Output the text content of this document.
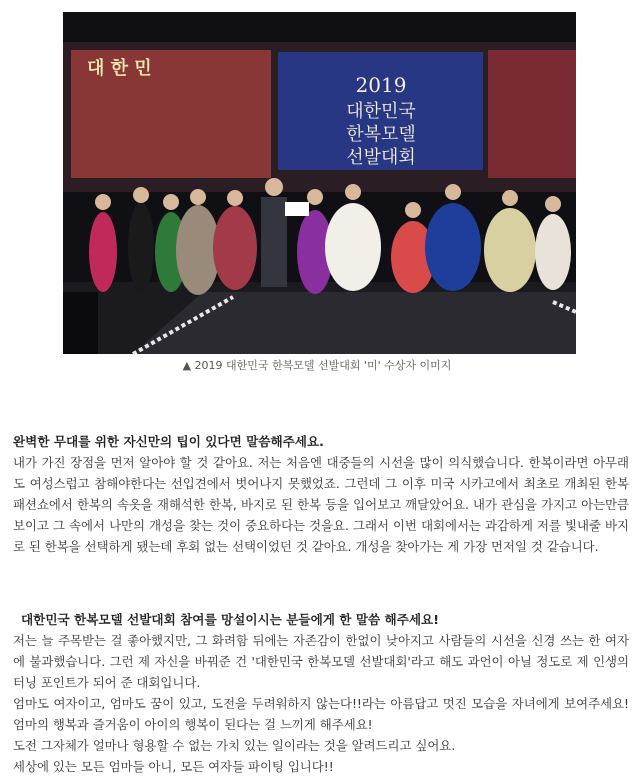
2019
대한민국
한복모델
선발대회
대 한 민
▲ 2019 대한민국 한복모델 선발대회 '미' 수상자 이미지

완벽한 무대를 위한 자신만의 팁이 있다면 말씀해주세요.

내가 가진 장점을 먼저 알아야 할 것 같아요. 저는 처음엔 대중들의 시선을 많이 의식했습니다. 한복이라면 아무래도 여성스럽고 참해야한다는 선입견에서 벗어나지 못했었죠. 그런데 그 이후 미국 시카고에서 최초로 개최된 한복패션쇼에서 한복의 속옷을 재해석한 한복, 바지로 된 한복 등을 입어보고 깨달았어요. 내가 관심을 가지고 아는만큼 보이고 그 속에서 나만의 개성을 찾는 것이 중요하다는 것을요. 그래서 이번 대회에서는 과감하게 저를 빛내줄 바지로 된 한복을 선택하게 됐는데 후회 없는 선택이었던 것 같아요. 개성을 찾아가는 게 가장 먼저일 것 같습니다.

대한민국 한복모델 선발대회 참여를 망설이시는 분들에게 한 말씀 해주세요!

저는 늘 주목받는 걸 좋아했지만, 그 화려함 뒤에는 자존감이 한없이 낮아지고 사람들의 시선을 신경 쓰는 한 여자에 불과했습니다. 그런 제 자신을 바꿔준 건 '대한민국 한복모델 선발대회'라고 해도 과언이 아닐 정도로 제 인생의 터닝 포인트가 되어 준 대회입니다.

엄마도 여자이고, 엄마도 꿈이 있고, 도전을 두려워하지 않는다!!라는 아름답고 멋진 모습을 자녀에게 보여주세요! 엄마의 행복과 즐거움이 아이의 행복이 된다는 걸 느끼게 해주세요!

도전 그자체가 얼마나 형용할 수 없는 가치 있는 일이라는 것을 알려드리고 싶어요.

세상에 있는 모든 엄마들 아니, 모든 여자들 파이팅 입니다!!
